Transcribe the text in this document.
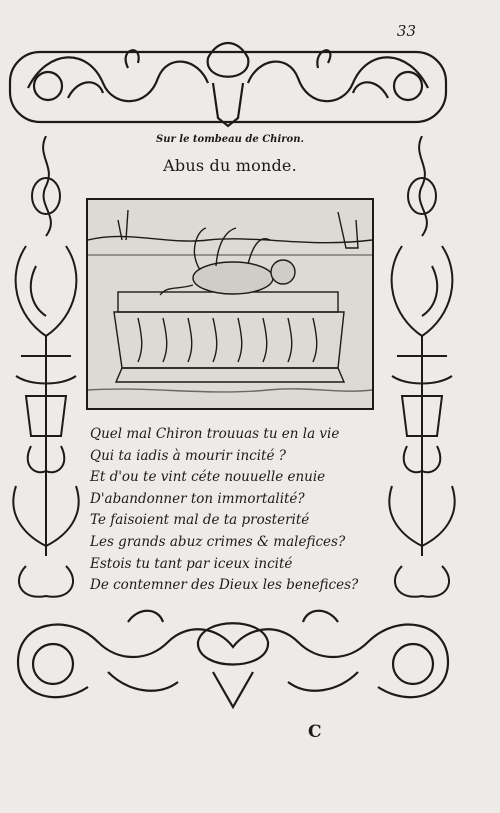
33
Sur le tombeau de Chiron.
Abus du monde.
Quel mal Chiron trouuas tu en la vie
Qui ta iadis à mourir incité ?
Et d'ou te vint céte nouuelle enuie
D'abandonner ton immortalité?
Te faisoient mal de ta prosterité
Les grands abuz crimes & malefices?
Estois tu tant par iceux incité
De contemner des Dieux les benefices?
C
